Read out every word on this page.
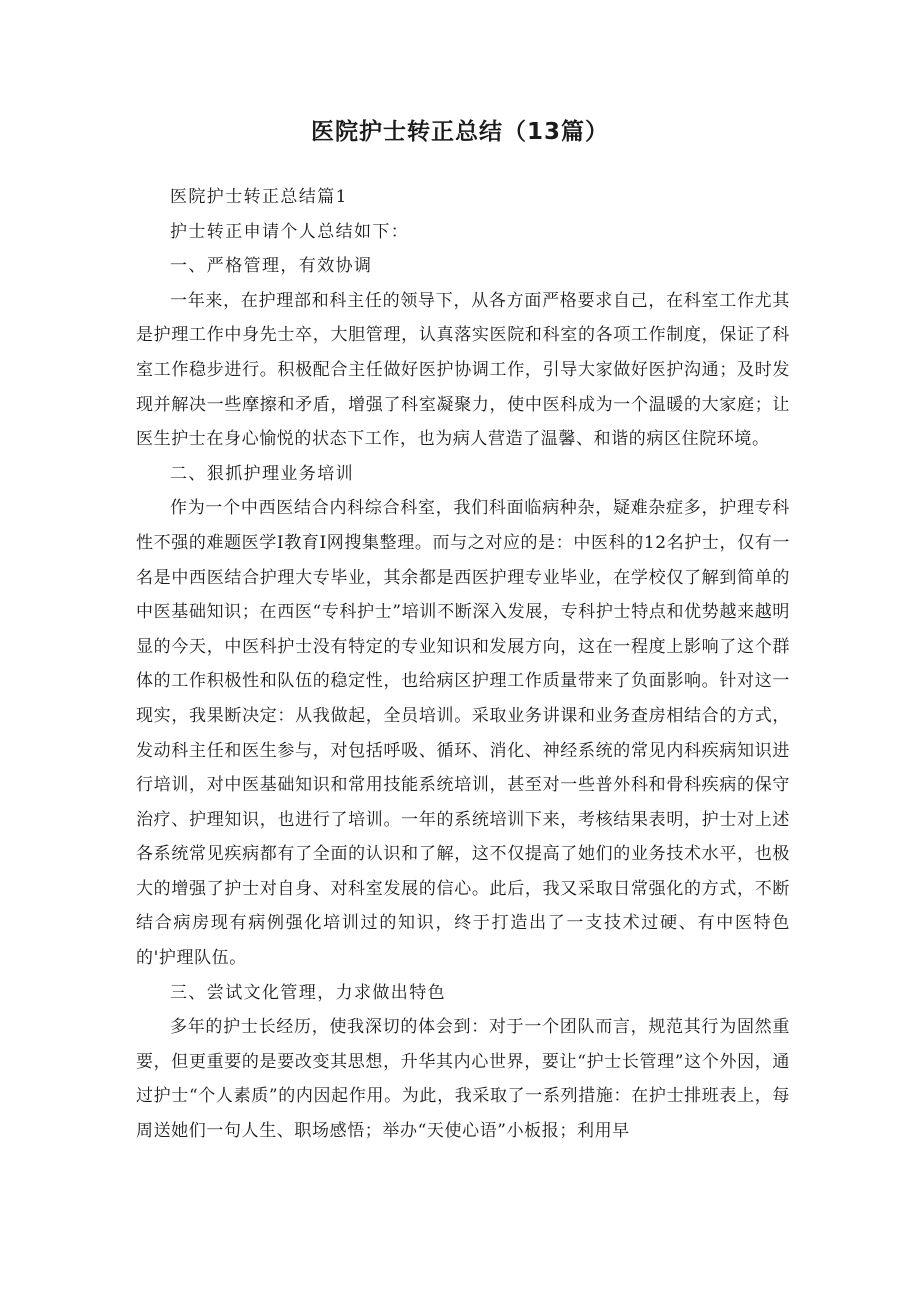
医院护士转正总结（13篇）

医院护士转正总结篇1

护士转正申请个人总结如下：

一、严格管理，有效协调

一年来，在护理部和科主任的领导下，从各方面严格要求自己，在科室工作尤其是护理工作中身先士卒，大胆管理，认真落实医院和科室的各项工作制度，保证了科室工作稳步进行。积极配合主任做好医护协调工作，引导大家做好医护沟通；及时发现并解决一些摩擦和矛盾，增强了科室凝聚力，使中医科成为一个温暖的大家庭；让医生护士在身心愉悦的状态下工作，也为病人营造了温馨、和谐的病区住院环境。

二、狠抓护理业务培训

作为一个中西医结合内科综合科室，我们科面临病种杂，疑难杂症多，护理专科性不强的难题医学I教育I网搜集整理。而与之对应的是：中医科的12名护士，仅有一名是中西医结合护理大专毕业，其余都是西医护理专业毕业，在学校仅了解到简单的中医基础知识；在西医“专科护士”培训不断深入发展，专科护士特点和优势越来越明显的今天，中医科护士没有特定的专业知识和发展方向，这在一程度上影响了这个群体的工作积极性和队伍的稳定性，也给病区护理工作质量带来了负面影响。针对这一现实，我果断决定：从我做起，全员培训。采取业务讲课和业务查房相结合的方式，发动科主任和医生参与，对包括呼吸、循环、消化、神经系统的常见内科疾病知识进行培训，对中医基础知识和常用技能系统培训，甚至对一些普外科和骨科疾病的保守治疗、护理知识，也进行了培训。一年的系统培训下来，考核结果表明，护士对上述各系统常见疾病都有了全面的认识和了解，这不仅提高了她们的业务技术水平，也极大的增强了护士对自身、对科室发展的信心。此后，我又采取日常强化的方式，不断结合病房现有病例强化培训过的知识，终于打造出了一支技术过硬、有中医特色的'护理队伍。

三、尝试文化管理，力求做出特色

多年的护士长经历，使我深切的体会到：对于一个团队而言，规范其行为固然重要，但更重要的是要改变其思想，升华其内心世界，要让“护士长管理”这个外因，通过护士“个人素质”的内因起作用。为此，我采取了一系列措施：在护士排班表上，每周送她们一句人生、职场感悟；举办“天使心语”小板报；利用早
